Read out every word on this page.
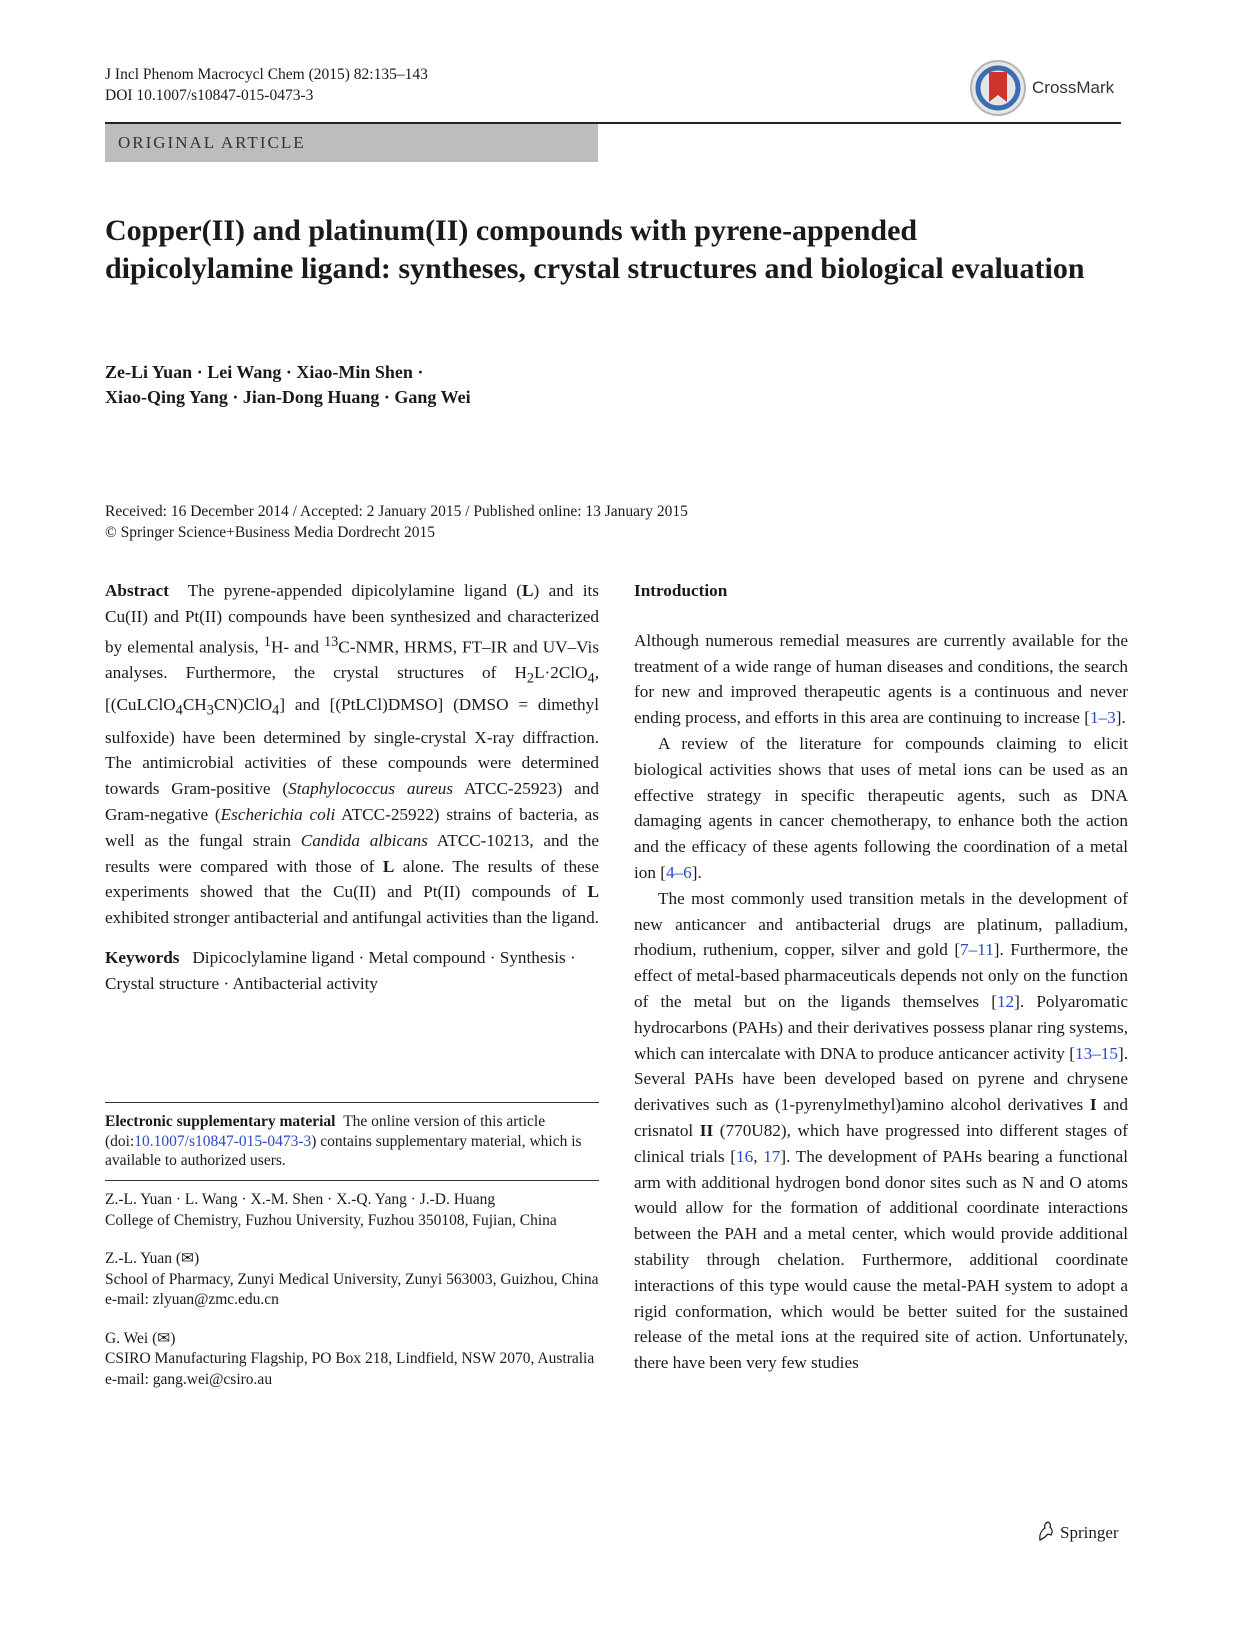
J Incl Phenom Macrocycl Chem (2015) 82:135–143
DOI 10.1007/s10847-015-0473-3	CrossMark
ORIGINAL ARTICLE
Copper(II) and platinum(II) compounds with pyrene-appended dipicolylamine ligand: syntheses, crystal structures and biological evaluation
Ze-Li Yuan · Lei Wang · Xiao-Min Shen ·
Xiao-Qing Yang · Jian-Dong Huang · Gang Wei
Received: 16 December 2014 / Accepted: 2 January 2015 / Published online: 13 January 2015
© Springer Science+Business Media Dordrecht 2015

Abstract The pyrene-appended dipicolylamine ligand (L) and its Cu(II) and Pt(II) compounds have been synthesized and characterized by elemental analysis, $^1$H- and $^{13}$C-NMR, HRMS, FT–IR and UV–Vis analyses. Furthermore, the crystal structures of $H_2L\cdot 2ClO_4$, $[(CuLClO_4CH_3CN)ClO_4]$ and [(PtLCl)DMSO] (DMSO = dimethyl sulfoxide) have been determined by single-crystal X-ray diffraction. The antimicrobial activities of these compounds were determined towards Gram-positive (Staphylococcus aureus ATCC-25923) and Gram-negative (Escherichia coli ATCC-25922) strains of bacteria, as well as the fungal strain Candida albicans ATCC-10213, and the results were compared with those of L alone. The results of these experiments showed that the Cu(II) and Pt(II) compounds of L exhibited stronger antibacterial and antifungal activities than the ligand.

Keywords Dipicoclylamine ligand · Metal compound · Synthesis · Crystal structure · Antibacterial activity

Electronic supplementary material The online version of this article (doi:10.1007/s10847-015-0473-3) contains supplementary material, which is available to authorized users.

Z.-L. Yuan · L. Wang · X.-M. Shen · X.-Q. Yang · J.-D. Huang
College of Chemistry, Fuzhou University, Fuzhou 350108, Fujian, China

Z.-L. Yuan (✉)
School of Pharmacy, Zunyi Medical University, Zunyi 563003, Guizhou, China
e-mail: zlyuan@zmc.edu.cn

G. Wei (✉)
CSIRO Manufacturing Flagship, PO Box 218, Lindfield, NSW 2070, Australia
e-mail: gang.wei@csiro.au

Introduction

Although numerous remedial measures are currently available for the treatment of a wide range of human diseases and conditions, the search for new and improved therapeutic agents is a continuous and never ending process, and efforts in this area are continuing to increase [1–3].

A review of the literature for compounds claiming to elicit biological activities shows that uses of metal ions can be used as an effective strategy in specific therapeutic agents, such as DNA damaging agents in cancer chemotherapy, to enhance both the action and the efficacy of these agents following the coordination of a metal ion [4–6].

The most commonly used transition metals in the development of new anticancer and antibacterial drugs are platinum, palladium, rhodium, ruthenium, copper, silver and gold [7–11]. Furthermore, the effect of metal-based pharmaceuticals depends not only on the function of the metal but on the ligands themselves [12]. Polyaromatic hydrocarbons (PAHs) and their derivatives possess planar ring systems, which can intercalate with DNA to produce anticancer activity [13–15]. Several PAHs have been developed based on pyrene and chrysene derivatives such as (1-pyrenylmethyl)amino alcohol derivatives I and crisnatol II (770U82), which have progressed into different stages of clinical trials [16, 17]. The development of PAHs bearing a functional arm with additional hydrogen bond donor sites such as N and O atoms would allow for the formation of additional coordinate interactions between the PAH and a metal center, which would provide additional stability through chelation. Furthermore, additional coordinate interactions of this type would cause the metal-PAH system to adopt a rigid conformation, which would be better suited for the sustained release of the metal ions at the required site of action. Unfortunately, there have been very few studies

Springer
